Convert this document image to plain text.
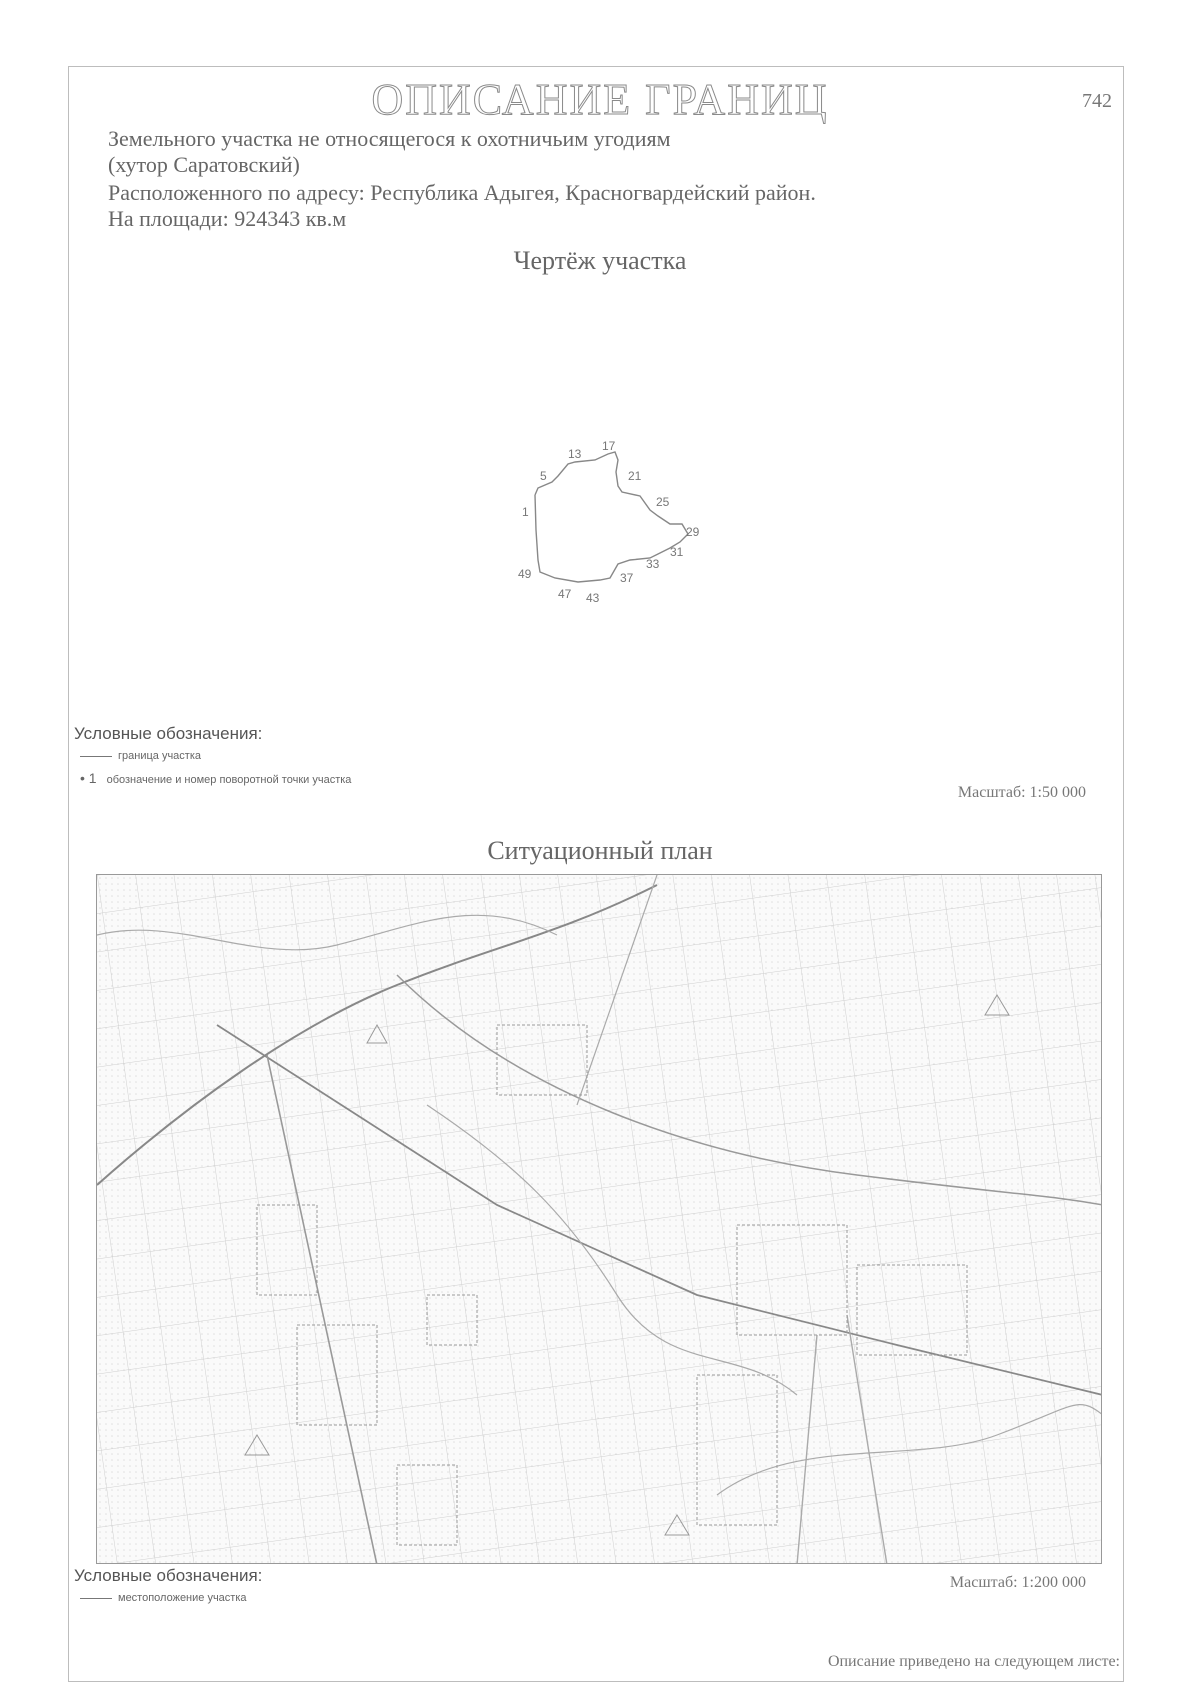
ОПИСАНИЕ ГРАНИЦ	742
Земельного участка не относящегося к охотничьим угодиям
(хутор Саратовский)
Расположенного по адресу: Республика Адыгея, Красногвардейский район.
На площади: 924343 кв.м
Чертёж участка
1
5
13
17
21
25
29
31
33
37
43
47
49
Условные обозначения:
граница участка
• 1 обозначение и номер поворотной точки участка
Масштаб: 1:50 000
Ситуационный план
Условные обозначения:
местоположение участка
Масштаб: 1:200 000
Описание приведено на следующем листе:
